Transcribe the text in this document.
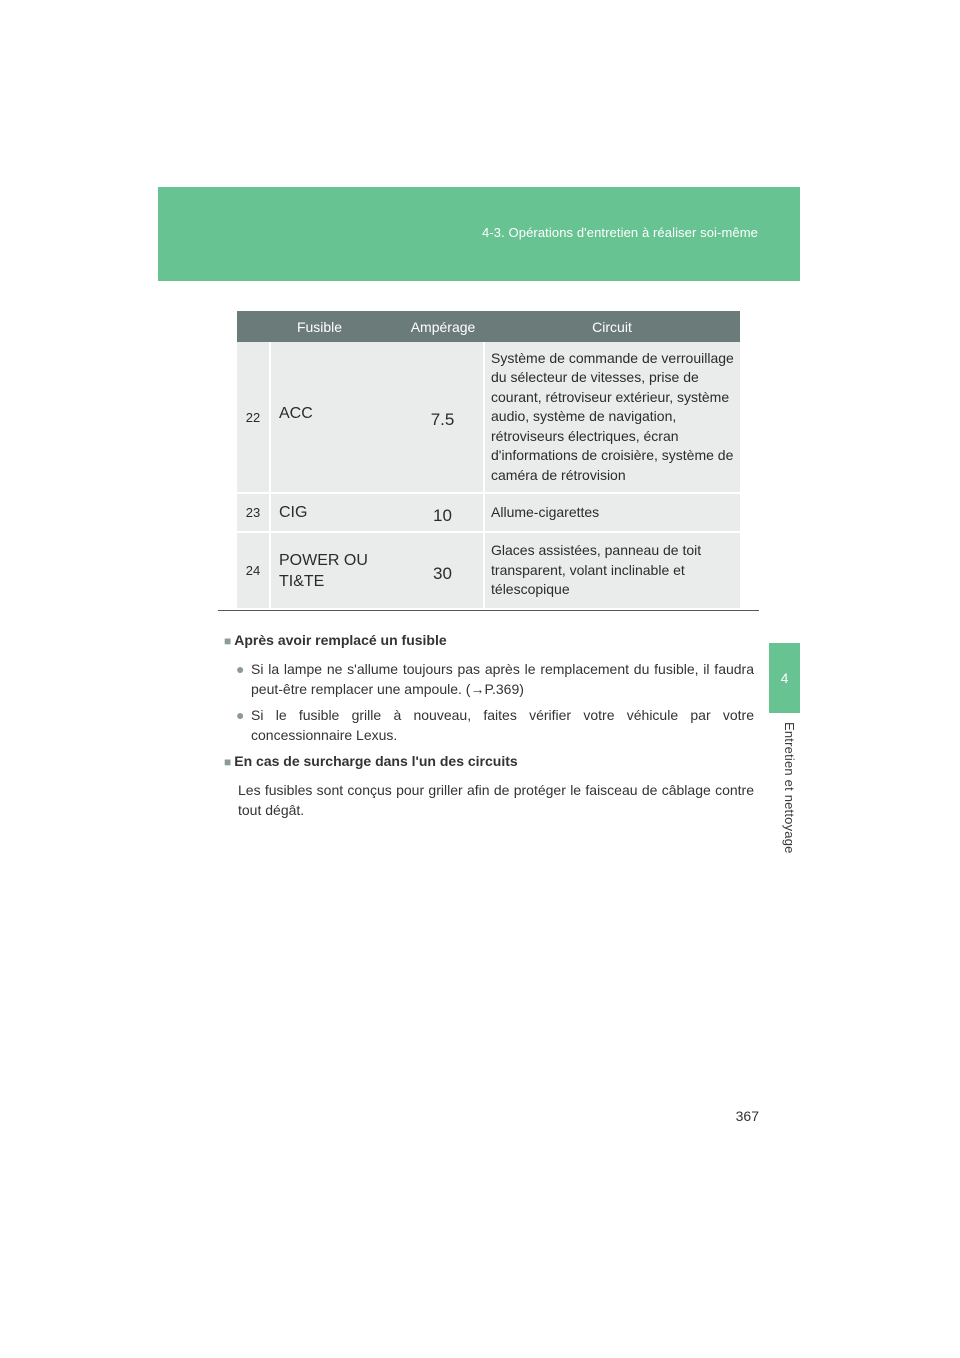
4-3. Opérations d'entretien à réaliser soi-même
4
Entretien et nettoyage
Fusible		Ampérage	Circuit
22	ACC	7.5	Système de commande de verrouillage du sélecteur de vitesses, prise de courant, rétroviseur extérieur, système audio, système de navigation, rétroviseurs électriques, écran d'informations de croisière, système de caméra de rétrovision
23	CIG	10	Allume-cigarettes
24	POWER OU TI&TE	30	Glaces assistées, panneau de toit transparent, volant inclinable et télescopique

■ Après avoir remplacé un fusible

● Si la lampe ne s'allume toujours pas après le remplacement du fusible, il faudra peut-être remplacer une ampoule. (→P.369)

● Si le fusible grille à nouveau, faites vérifier votre véhicule par votre concessionnaire Lexus.

■ En cas de surcharge dans l'un des circuits

Les fusibles sont conçus pour griller afin de protéger le faisceau de câblage contre tout dégât.

367
